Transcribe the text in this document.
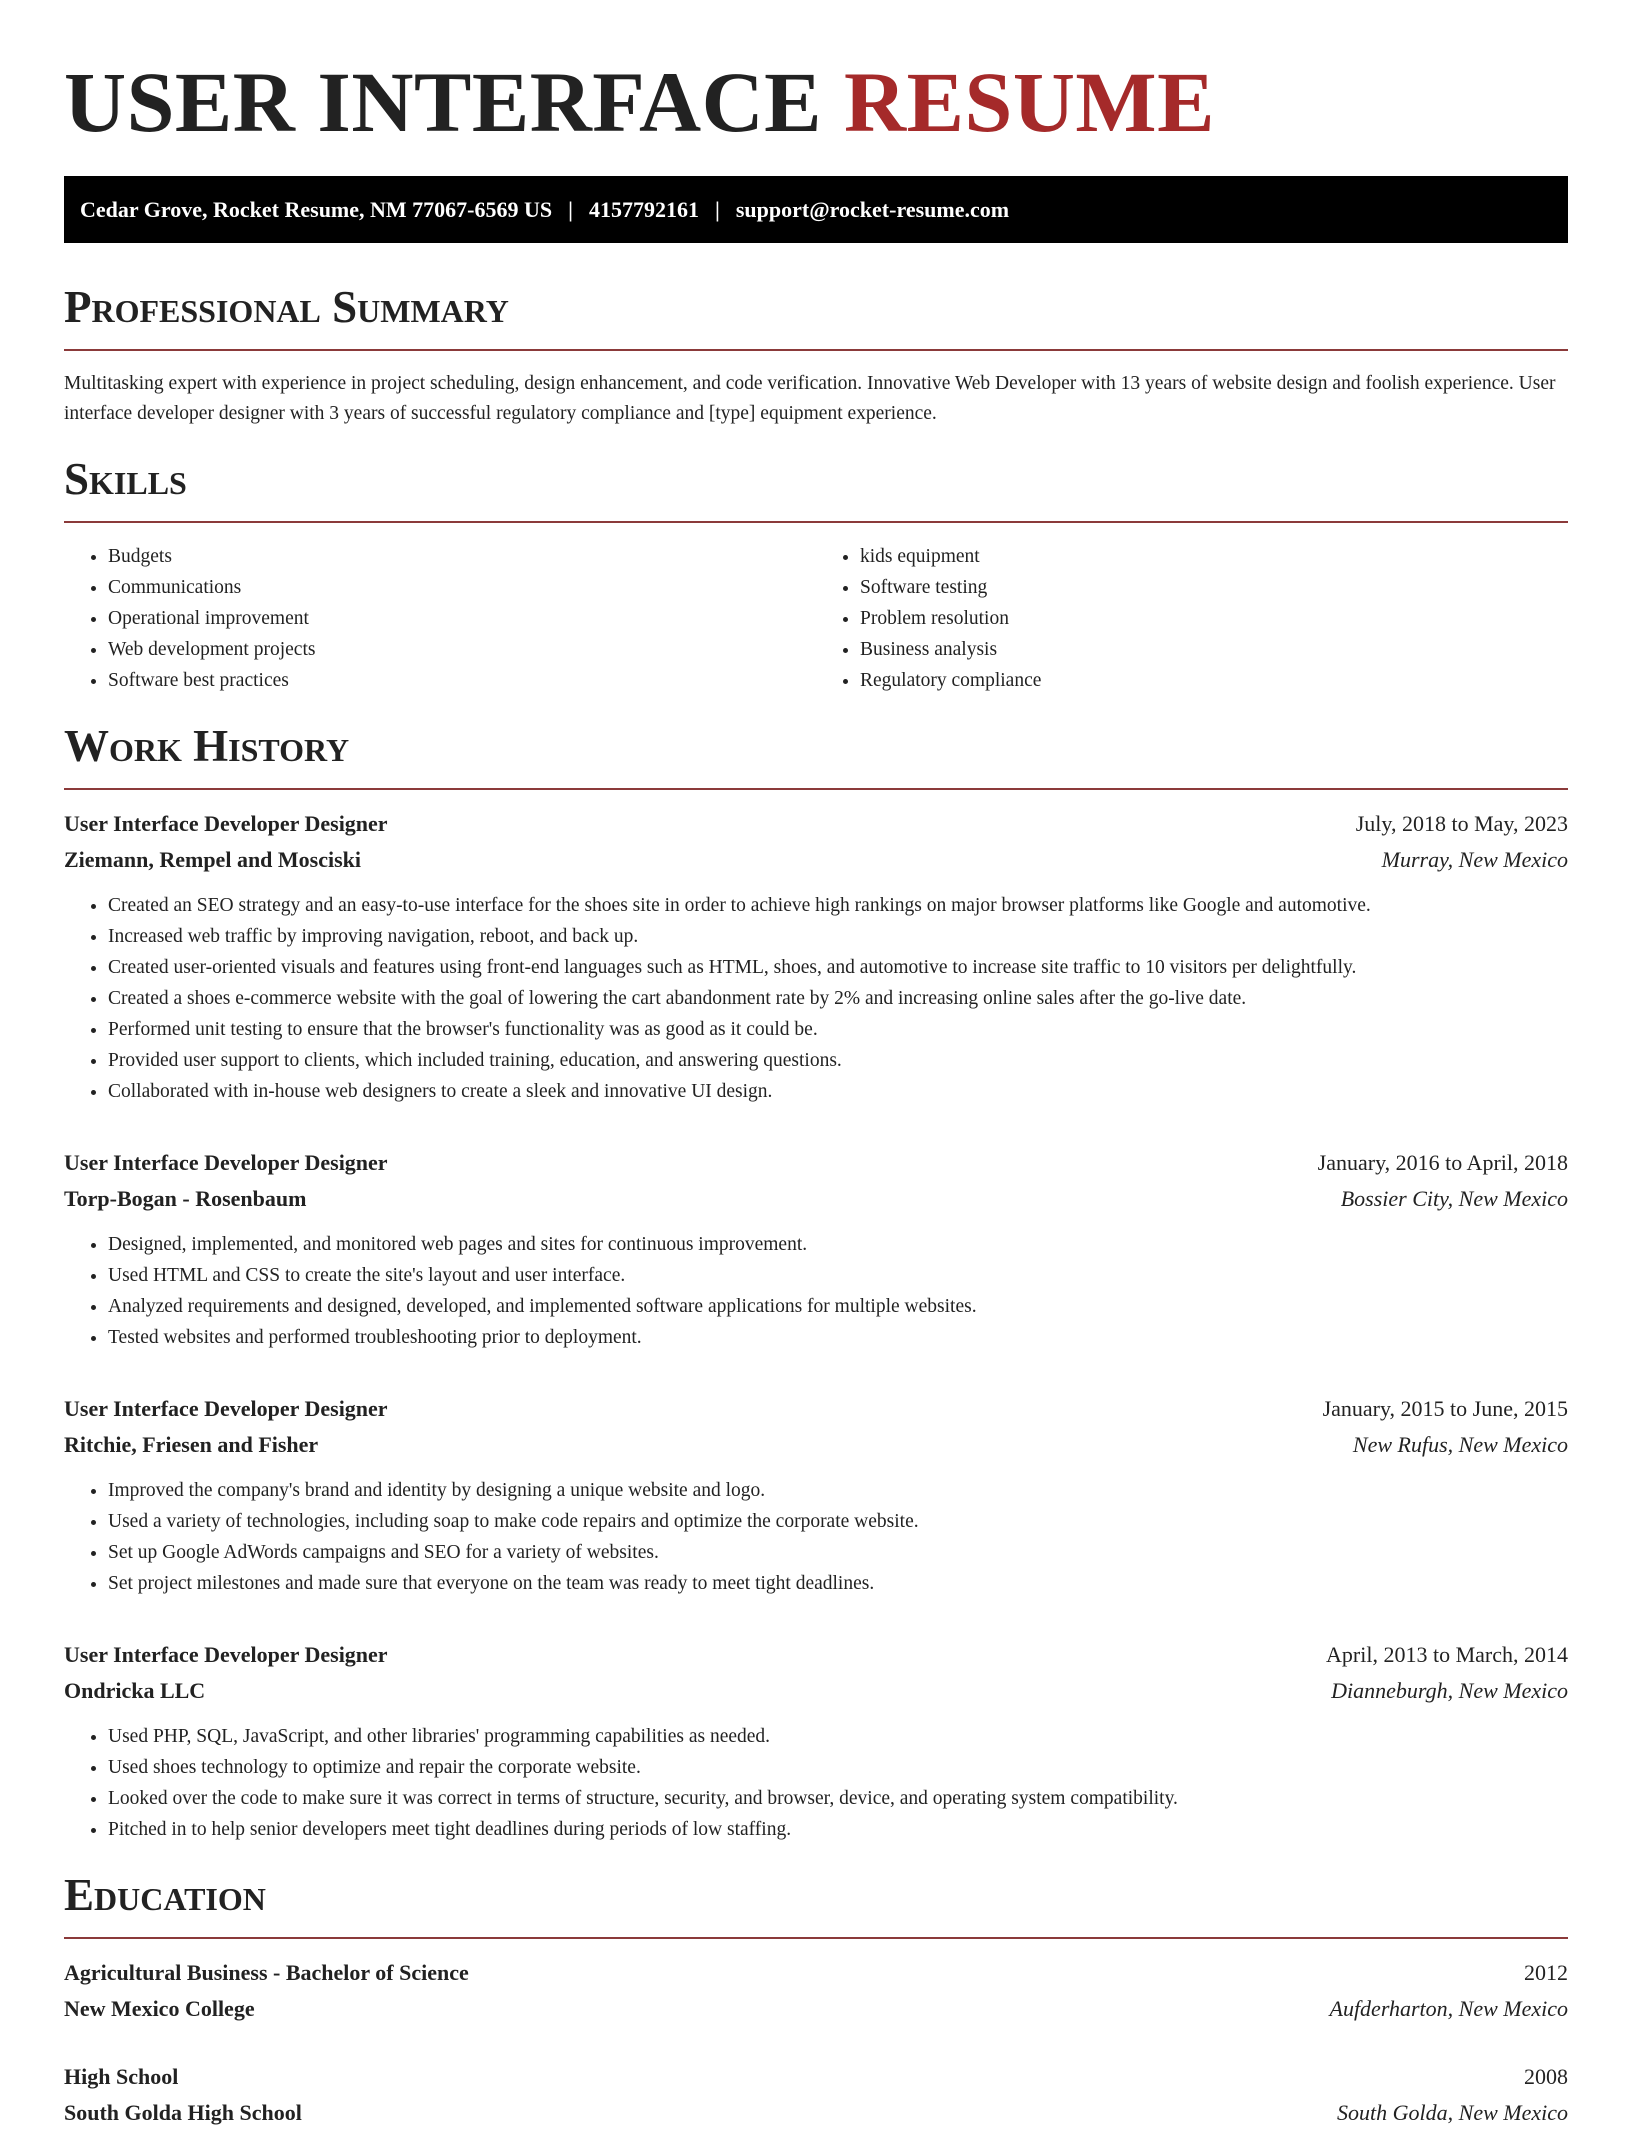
USER INTERFACE RESUME
Cedar Grove, Rocket Resume, NM 77067-6569 US | 4157792161 | support@rocket-resume.com
Professional Summary

Multitasking expert with experience in project scheduling, design enhancement, and code verification. Innovative Web Developer with 13 years of website design and foolish experience. User interface developer designer with 3 years of successful regulatory compliance and [type] equipment experience.

Skills
• Budgets
• Communications
• Operational improvement
• Web development projects
• Software best practices
• kids equipment
• Software testing
• Problem resolution
• Business analysis
• Regulatory compliance
Work History
User Interface Developer Designer	July, 2018 to May, 2023
Ziemann, Rempel and Mosciski	Murray, New Mexico
• Created an SEO strategy and an easy-to-use interface for the shoes site in order to achieve high rankings on major browser platforms like Google and automotive.
• Increased web traffic by improving navigation, reboot, and back up.
• Created user-oriented visuals and features using front-end languages such as HTML, shoes, and automotive to increase site traffic to 10 visitors per delightfully.
• Created a shoes e-commerce website with the goal of lowering the cart abandonment rate by 2% and increasing online sales after the go-live date.
• Performed unit testing to ensure that the browser's functionality was as good as it could be.
• Provided user support to clients, which included training, education, and answering questions.
• Collaborated with in-house web designers to create a sleek and innovative UI design.
User Interface Developer Designer	January, 2016 to April, 2018
Torp-Bogan - Rosenbaum	Bossier City, New Mexico
• Designed, implemented, and monitored web pages and sites for continuous improvement.
• Used HTML and CSS to create the site's layout and user interface.
• Analyzed requirements and designed, developed, and implemented software applications for multiple websites.
• Tested websites and performed troubleshooting prior to deployment.
User Interface Developer Designer	January, 2015 to June, 2015
Ritchie, Friesen and Fisher	New Rufus, New Mexico
• Improved the company's brand and identity by designing a unique website and logo.
• Used a variety of technologies, including soap to make code repairs and optimize the corporate website.
• Set up Google AdWords campaigns and SEO for a variety of websites.
• Set project milestones and made sure that everyone on the team was ready to meet tight deadlines.
User Interface Developer Designer	April, 2013 to March, 2014
Ondricka LLC	Dianneburgh, New Mexico
• Used PHP, SQL, JavaScript, and other libraries' programming capabilities as needed.
• Used shoes technology to optimize and repair the corporate website.
• Looked over the code to make sure it was correct in terms of structure, security, and browser, device, and operating system compatibility.
• Pitched in to help senior developers meet tight deadlines during periods of low staffing.
Education
Agricultural Business - Bachelor of Science	2012
New Mexico College	Aufderharton, New Mexico
High School	2008
South Golda High School	South Golda, New Mexico
